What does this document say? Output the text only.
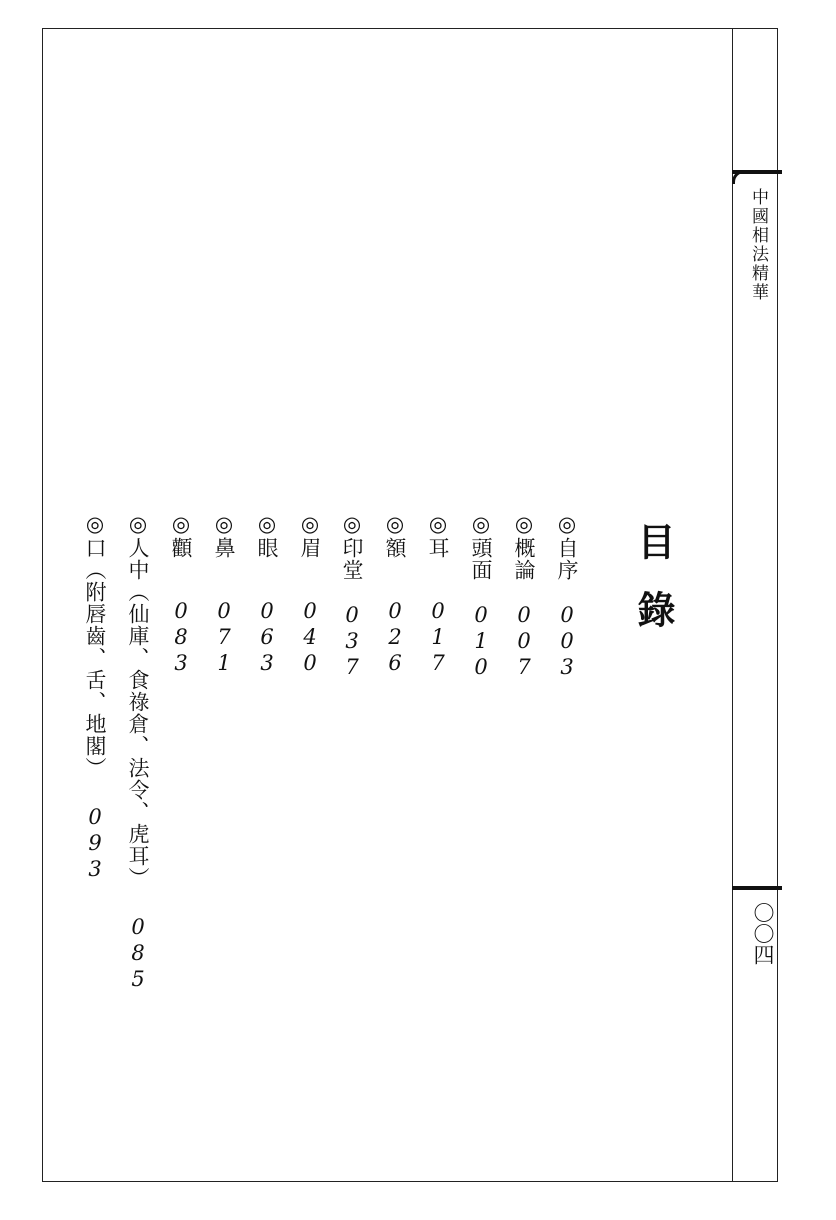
中國相法精華
〇〇四
目錄
◎自序003
◎概論007
◎頭面010
◎耳017
◎額026
◎印堂037
◎眉040
◎眼063
◎鼻071
◎顴083
◎人中（仙庫、食祿倉、法令、虎耳）085
◎口（附唇齒、舌、地閣）093
